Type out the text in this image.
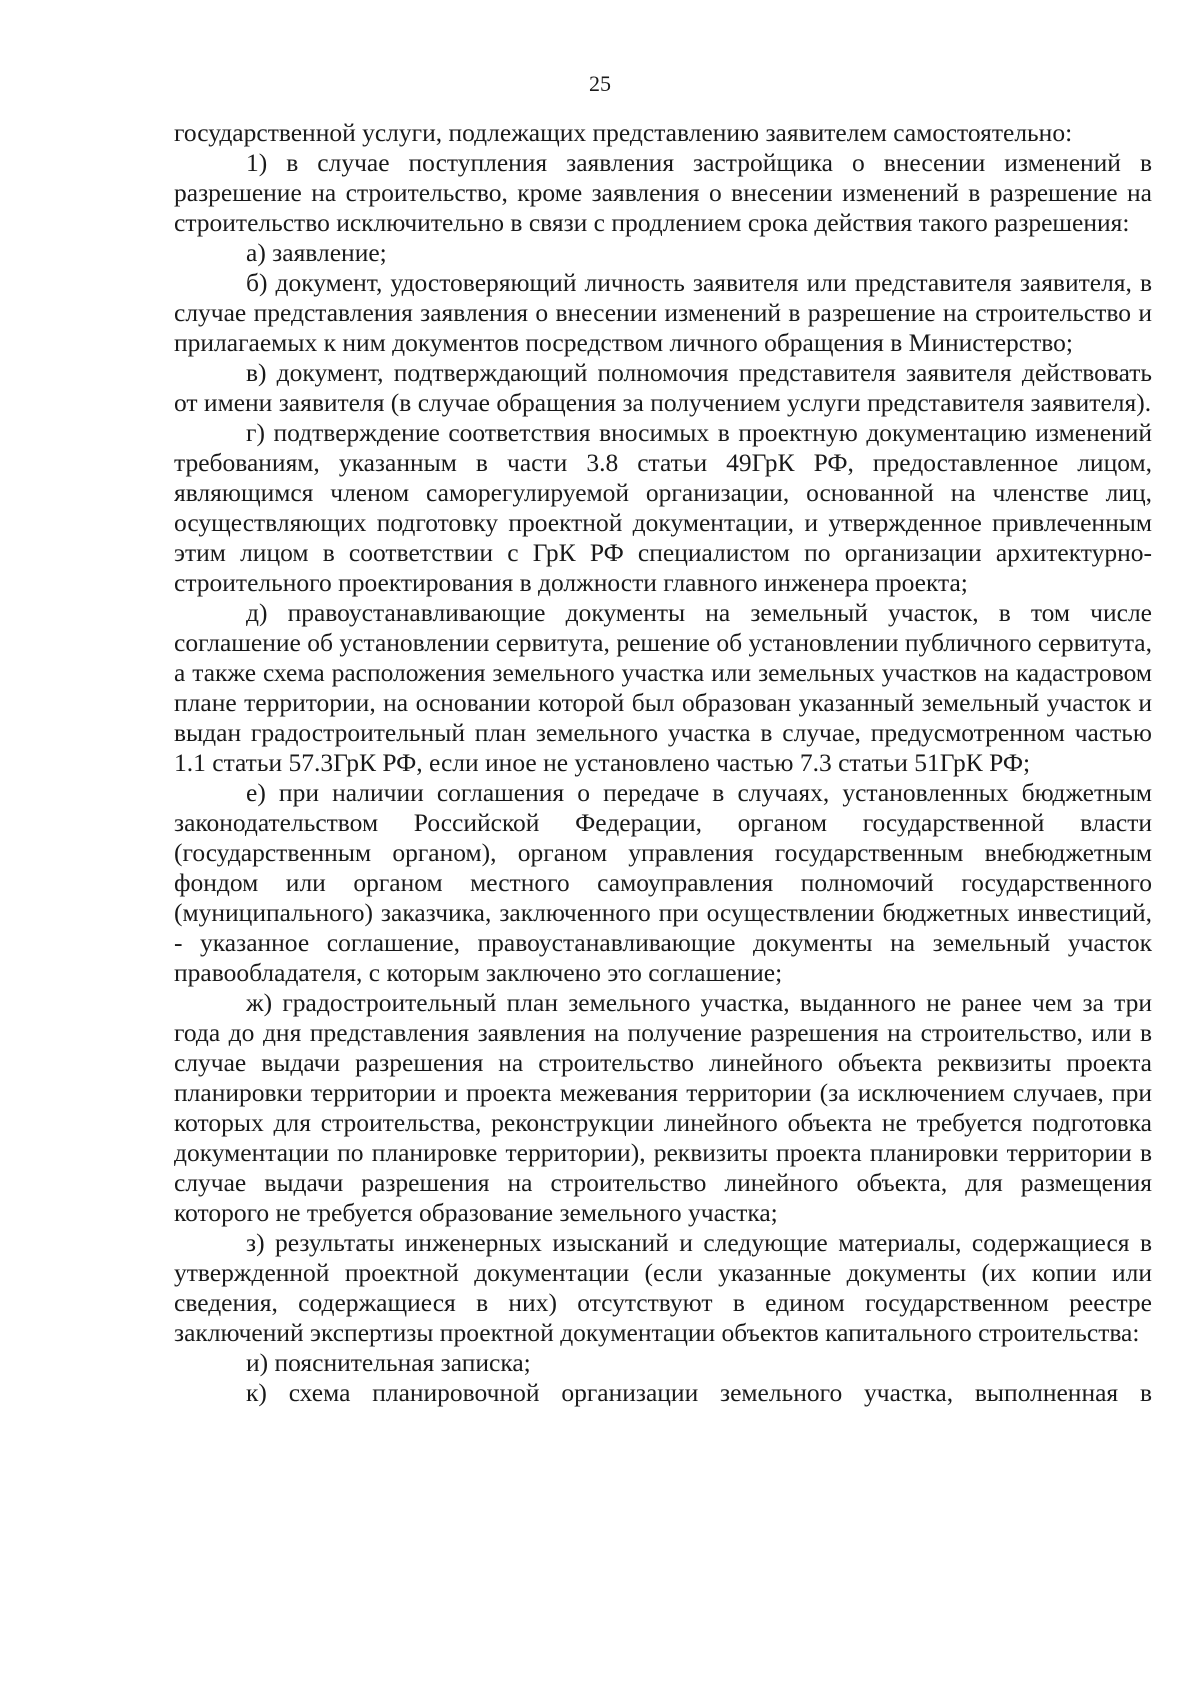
25

государственной услуги, подлежащих представлению заявителем самостоятельно:

1) в случае поступления заявления застройщика о внесении изменений в разрешение на строительство, кроме заявления о внесении изменений в разрешение на строительство исключительно в связи с продлением срока действия такого разрешения:

а) заявление;

б) документ, удостоверяющий личность заявителя или представителя заявителя, в случае представления заявления о внесении изменений в разрешение на строительство и прилагаемых к ним документов посредством личного обращения в Министерство;

в) документ, подтверждающий полномочия представителя заявителя действовать от имени заявителя (в случае обращения за получением услуги представителя заявителя).

г) подтверждение соответствия вносимых в проектную документацию изменений требованиям, указанным в части 3.8 статьи 49ГрК РФ, предоставленное лицом, являющимся членом саморегулируемой организации, основанной на членстве лиц, осуществляющих подготовку проектной документации, и утвержденное привлеченным этим лицом в соответствии с ГрК РФ специалистом по организации архитектурно-строительного проектирования в должности главного инженера проекта;

д) правоустанавливающие документы на земельный участок, в том числе соглашение об установлении сервитута, решение об установлении публичного сервитута, а также схема расположения земельного участка или земельных участков на кадастровом плане территории, на основании которой был образован указанный земельный участок и выдан градостроительный план земельного участка в случае, предусмотренном частью 1.1 статьи 57.3ГрК РФ, если иное не установлено частью 7.3 статьи 51ГрК РФ;

е) при наличии соглашения о передаче в случаях, установленных бюджетным законодательством Российской Федерации, органом государственной власти (государственным органом), органом управления государственным внебюджетным фондом или органом местного самоуправления полномочий государственного (муниципального) заказчика, заключенного при осуществлении бюджетных инвестиций, - указанное соглашение, правоустанавливающие документы на земельный участок правообладателя, с которым заключено это соглашение;

ж) градостроительный план земельного участка, выданного не ранее чем за три года до дня представления заявления на получение разрешения на строительство, или в случае выдачи разрешения на строительство линейного объекта реквизиты проекта планировки территории и проекта межевания территории (за исключением случаев, при которых для строительства, реконструкции линейного объекта не требуется подготовка документации по планировке территории), реквизиты проекта планировки территории в случае выдачи разрешения на строительство линейного объекта, для размещения которого не требуется образование земельного участка;

з) результаты инженерных изысканий и следующие материалы, содержащиеся в утвержденной проектной документации (если указанные документы (их копии или сведения, содержащиеся в них) отсутствуют в едином государственном реестре заключений экспертизы проектной документации объектов капитального строительства:

и) пояснительная записка;

к) схема планировочной организации земельного участка, выполненная в
